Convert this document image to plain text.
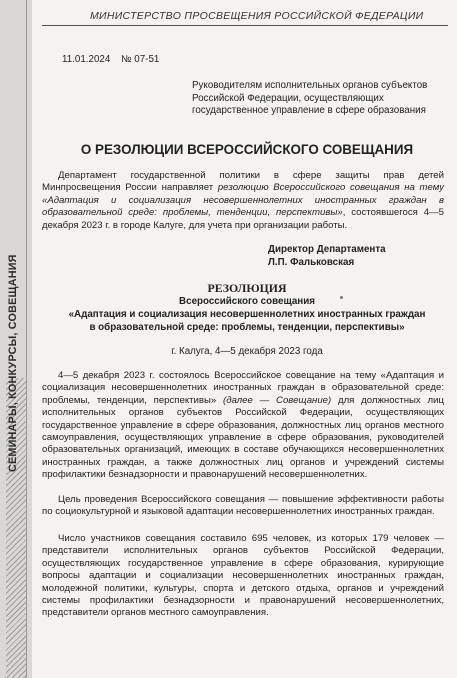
СЕМИНАРЫ, КОНКУРСЫ, СОВЕЩАНИЯ
МИНИСТЕРСТВО ПРОСВЕЩЕНИЯ РОССИЙСКОЙ ФЕДЕРАЦИИ
11.01.2024 № 07-51
Руководителям исполнительных органов субъектов Российской Федерации, осуществляющих государственное управление в сфере образования
О РЕЗОЛЮЦИИ ВСЕРОССИЙСКОГО СОВЕЩАНИЯ

Департамент государственной политики в сфере защиты прав детей Минпросвещения России направляет резолюцию Всероссийского совещания на тему «Адаптация и социализация несовершеннолетних иностранных граждан в образовательной среде: проблемы, тенденции, перспективы», состоявшегося 4—5 декабря 2023 г. в городе Калуге, для учета при организации работы.

Директор Департамента
Л.П. Фальковская
РЕЗОЛЮЦИЯ
Всероссийского совещания
«Адаптация и социализация несовершеннолетних иностранных граждан
в образовательной среде: проблемы, тенденции, перспективы»
г. Калуга, 4—5 декабря 2023 года

4—5 декабря 2023 г. состоялось Всероссийское совещание на тему «Адаптация и социализация несовершеннолетних иностранных граждан в образовательной среде: проблемы, тенденции, перспективы» (далее — Совещание) для должностных лиц исполнительных органов субъектов Российской Федерации, осуществляющих государственное управление в сфере образования, должностных лиц органов местного самоуправления, осуществляющих управление в сфере образования, руководителей образовательных организаций, имеющих в составе обучающихся несовершеннолетних иностранных граждан, а также должностных лиц органов и учреждений системы профилактики безнадзорности и правонарушений несовершеннолетних.

Цель проведения Всероссийского совещания — повышение эффективности работы по социокультурной и языковой адаптации несовершеннолетних иностранных граждан.

Число участников совещания составило 695 человек, из которых 179 человек — представители исполнительных органов субъектов Российской Федерации, осуществляющих государственное управление в сфере образования, курирующие вопросы адаптации и социализации несовершеннолетних иностранных граждан, молодежной политики, культуры, спорта и детского отдыха, органов и учреждений системы профилактики безнадзорности и правонарушений несовершеннолетних, представители органов местного самоуправления.
